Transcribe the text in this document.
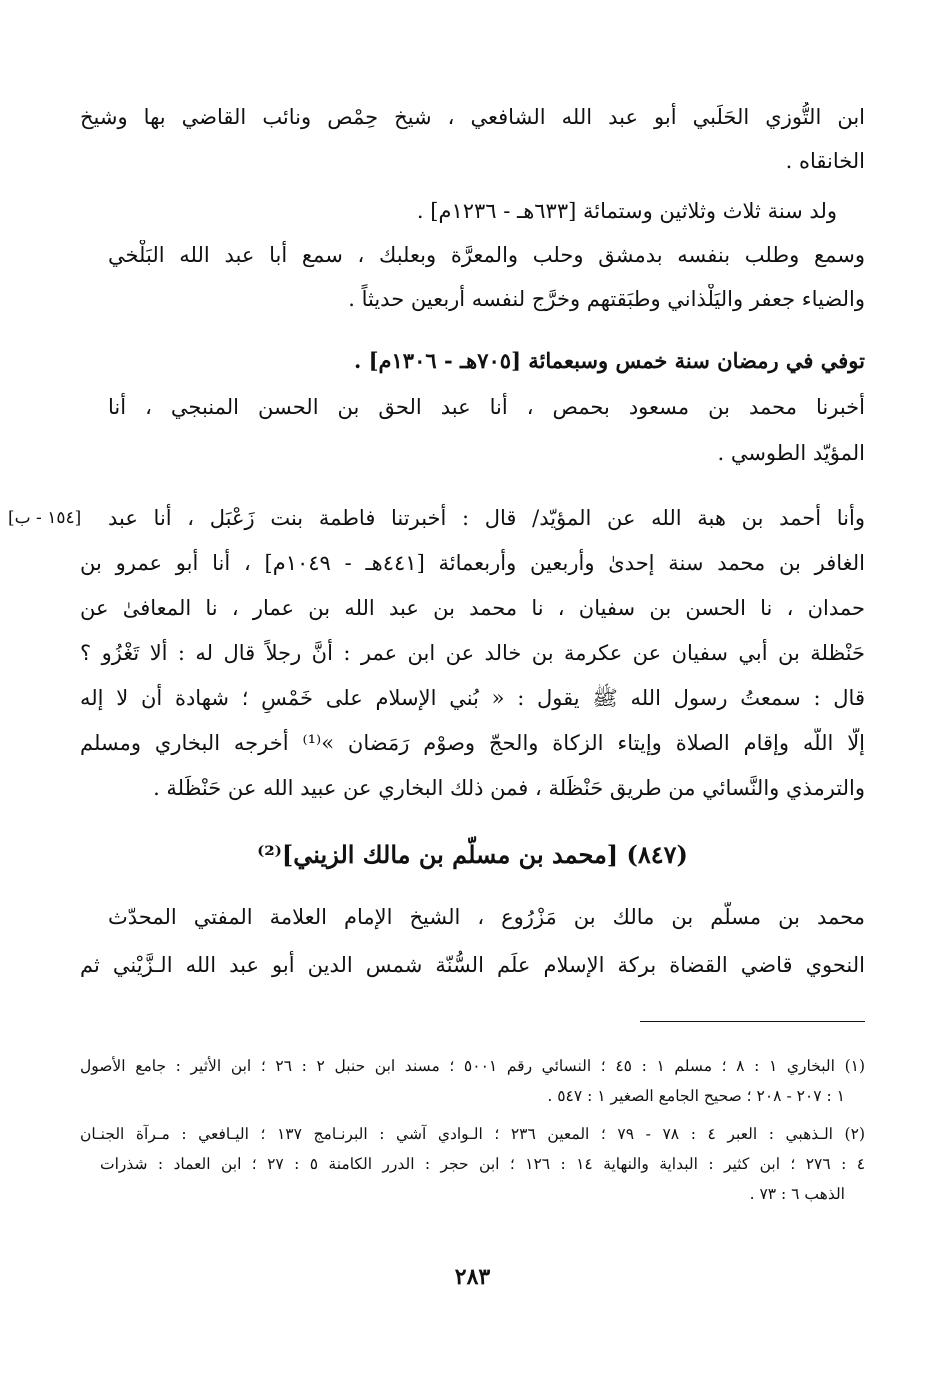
ابن التُّوزي الحَلَبي أبو عبد الله الشافعي ، شيخ حِمْص ونائب القاضي بها وشيخ
الخانقاه .
ولد سنة ثلاث وثلاثين وستمائة [٦٣٣هـ - ١٢٣٦م] .
وسمع وطلب بنفسه بدمشق وحلب والمعرَّة وبعلبك ، سمع أبا عبد الله البَلْخي
والضياء جعفر واليَلْذاني وطبَقتهم وخرَّج لنفسه أربعين حديثاً .
توفي في رمضان سنة خمس وسبعمائة [٧٠٥هـ - ١٣٠٦م] .
أخبرنا محمد بن مسعود بحمص ، أنا عبد الحق بن الحسن المنبجي ، أنا
المؤيّد الطوسي .
[١٥٤ - ب] وأنا أحمد بن هبة الله عن المؤيّد/ قال : أخبرتنا فاطمة بنت زَعْبَل ، أنا عبد
الغافر بن محمد سنة إحدىٰ وأربعين وأربعمائة [٤٤١هـ - ١٠٤٩م] ، أنا أبو عمرو بن
حمدان ، نا الحسن بن سفيان ، نا محمد بن عبد الله بن عمار ، نا المعافىٰ عن
حَنْظلة بن أبي سفيان عن عكرمة بن خالد عن ابن عمر : أنَّ رجلاً قال له : ألا تَغْزُو ؟
قال : سمعتُ رسول الله ﷺ يقول : « بُني الإسلام على خَمْسٍ ؛ شهادة أن لا إله
إلّا اللّه وإقام الصلاة وإيتاء الزكاة والحجّ وصوْم رَمَضان »⁽¹⁾ أخرجه البخاري ومسلم
والترمذي والنَّسائي من طريق حَنْظَلة ، فمن ذلك البخاري عن عبيد الله عن حَنْظَلة .
(٨٤٧) [محمد بن مسلّم بن مالك الزيني]⁽²⁾
محمد بن مسلَّم بن مالك بن مَزْرُوع ، الشيخ الإمام العلامة المفتي المحدّث
النحوي قاضي القضاة بركة الإسلام علَم السُّنّة شمس الدين أبو عبد الله الـزَّيْني ثم
(١) البخاري ١ : ٨ ؛ مسلم ١ : ٤٥ ؛ النسائي رقم ٥٠٠١ ؛ مسند ابن حنبل ٢ : ٢٦ ؛ ابن الأثير : جامع الأصول
١ : ٢٠٧ - ٢٠٨ ؛ صحيح الجامع الصغير ١ : ٥٤٧ .
(٢) الـذهبي : العبر ٤ : ٧٨ - ٧٩ ؛ المعين ٢٣٦ ؛ الـوادي آشي : البرنـامج ١٣٧ ؛ اليـافعي : مـرآة الجنـان
٤ : ٢٧٦ ؛ ابن كثير : البداية والنهاية ١٤ : ١٢٦ ؛ ابن حجر : الدرر الكامنة ٥ : ٢٧ ؛ ابن العماد : شذرات
الذهب ٦ : ٧٣ .
٢٨٣
